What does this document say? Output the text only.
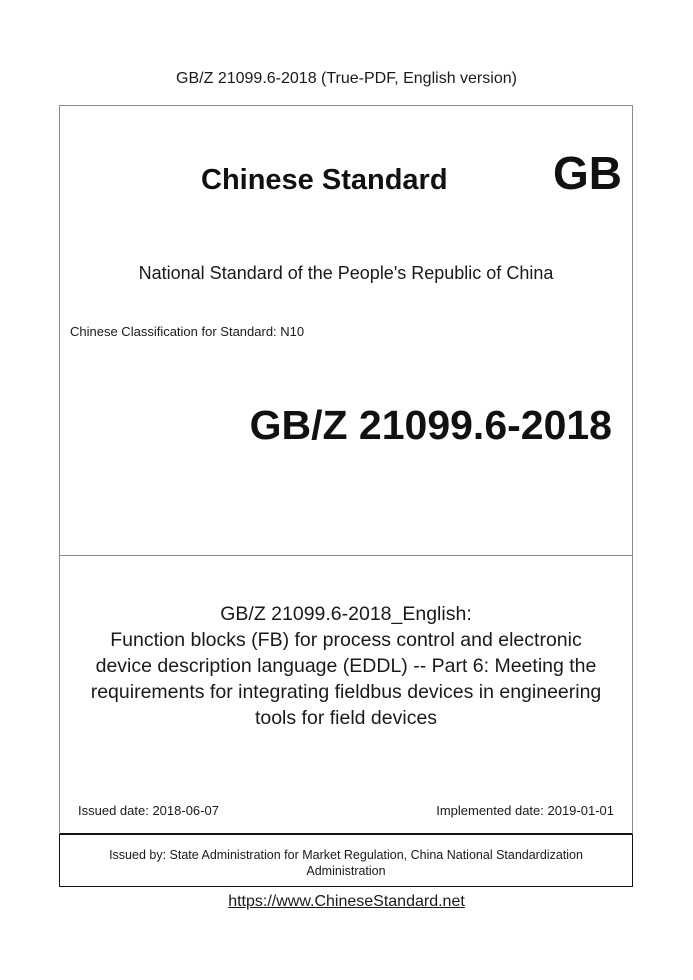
GB/Z 21099.6-2018 (True-PDF, English version)
Chinese Standard GB
National Standard of the People's Republic of China
Chinese Classification for Standard: N10
GB/Z 21099.6-2018
GB/Z 21099.6-2018_English:
Function blocks (FB) for process control and electronic
device description language (EDDL) -- Part 6: Meeting the
requirements for integrating fieldbus devices in engineering
tools for field devices
Issued date: 2018-06-07	Implemented date: 2019-01-01
Issued by: State Administration for Market Regulation, China National Standardization
Administration
https://www.ChineseStandard.net
